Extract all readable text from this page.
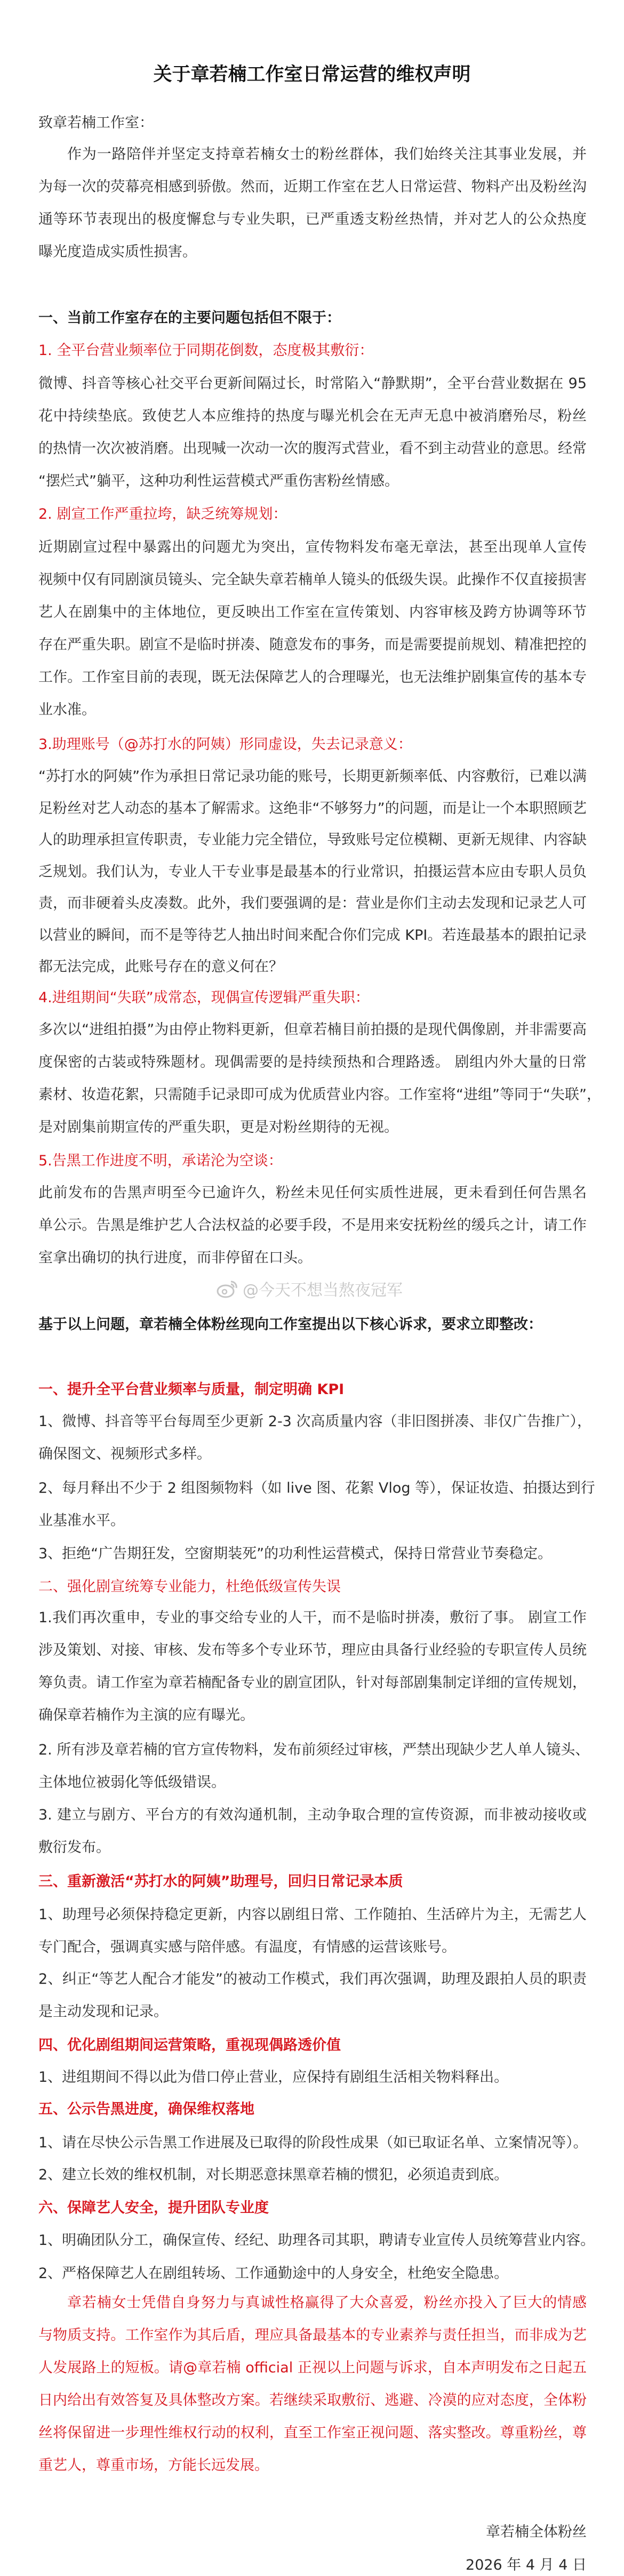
@今天不想当熬夜冠军
关于章若楠工作室日常运营的维权声明
致章若楠工作室：
作为一路陪伴并坚定支持章若楠女士的粉丝群体，我们始终关注其事业发展，并
为每一次的荧幕亮相感到骄傲。然而，近期工作室在艺人日常运营、物料产出及粉丝沟
通等环节表现出的极度懈怠与专业失职，已严重透支粉丝热情，并对艺人的公众热度
曝光度造成实质性损害。
一、当前工作室存在的主要问题包括但不限于：
1. 全平台营业频率位于同期花倒数，态度极其敷衍：
微博、抖音等核心社交平台更新间隔过长，时常陷入“静默期”，全平台营业数据在 95
花中持续垫底。致使艺人本应维持的热度与曝光机会在无声无息中被消磨殆尽，粉丝
的热情一次次被消磨。出现喊一次动一次的腹泻式营业，看不到主动营业的意思。经常
“摆烂式”躺平，这种功利性运营模式严重伤害粉丝情感。
2. 剧宣工作严重拉垮，缺乏统筹规划：
近期剧宣过程中暴露出的问题尤为突出，宣传物料发布毫无章法，甚至出现单人宣传
视频中仅有同剧演员镜头、完全缺失章若楠单人镜头的低级失误。此操作不仅直接损害
艺人在剧集中的主体地位，更反映出工作室在宣传策划、内容审核及跨方协调等环节
存在严重失职。剧宣不是临时拼凑、随意发布的事务，而是需要提前规划、精准把控的
工作。工作室目前的表现，既无法保障艺人的合理曝光，也无法维护剧集宣传的基本专
业水准。
3.助理账号（@苏打水的阿姨）形同虚设，失去记录意义：
“苏打水的阿姨”作为承担日常记录功能的账号，长期更新频率低、内容敷衍，已难以满
足粉丝对艺人动态的基本了解需求。这绝非“不够努力”的问题，而是让一个本职照顾艺
人的助理承担宣传职责，专业能力完全错位，导致账号定位模糊、更新无规律、内容缺
乏规划。我们认为，专业人干专业事是最基本的行业常识，拍摄运营本应由专职人员负
责，而非硬着头皮凑数。此外，我们要强调的是：营业是你们主动去发现和记录艺人可
以营业的瞬间，而不是等待艺人抽出时间来配合你们完成 KPI。若连最基本的跟拍记录
都无法完成，此账号存在的意义何在？
4.进组期间“失联”成常态，现偶宣传逻辑严重失职：
多次以“进组拍摄”为由停止物料更新，但章若楠目前拍摄的是现代偶像剧，并非需要高
度保密的古装或特殊题材。现偶需要的是持续预热和合理路透。 剧组内外大量的日常
素材、妆造花絮，只需随手记录即可成为优质营业内容。工作室将“进组”等同于“失联”，
是对剧集前期宣传的严重失职，更是对粉丝期待的无视。
5.告黑工作进度不明，承诺沦为空谈：
此前发布的告黑声明至今已逾许久，粉丝未见任何实质性进展，更未看到任何告黑名
单公示。告黑是维护艺人合法权益的必要手段，不是用来安抚粉丝的缓兵之计，请工作
室拿出确切的执行进度，而非停留在口头。
基于以上问题，章若楠全体粉丝现向工作室提出以下核心诉求，要求立即整改：
一、提升全平台营业频率与质量，制定明确 KPI
1、微博、抖音等平台每周至少更新 2-3 次高质量内容（非旧图拼凑、非仅广告推广），
确保图文、视频形式多样。
2、每月释出不少于 2 组图频物料（如 live 图、花絮 Vlog 等），保证妆造、拍摄达到行
业基准水平。
3、拒绝“广告期狂发，空窗期装死”的功利性运营模式，保持日常营业节奏稳定。
二、强化剧宣统筹专业能力，杜绝低级宣传失误
1.我们再次重申，专业的事交给专业的人干，而不是临时拼凑，敷衍了事。 剧宣工作
涉及策划、对接、审核、发布等多个专业环节，理应由具备行业经验的专职宣传人员统
筹负责。请工作室为章若楠配备专业的剧宣团队，针对每部剧集制定详细的宣传规划，
确保章若楠作为主演的应有曝光。
2. 所有涉及章若楠的官方宣传物料，发布前须经过审核，严禁出现缺少艺人单人镜头、
主体地位被弱化等低级错误。
3. 建立与剧方、平台方的有效沟通机制，主动争取合理的宣传资源，而非被动接收或
敷衍发布。
三、重新激活“苏打水的阿姨”助理号，回归日常记录本质
1、助理号必须保持稳定更新，内容以剧组日常、工作随拍、生活碎片为主，无需艺人
专门配合，强调真实感与陪伴感。有温度，有情感的运营该账号。
2、纠正“等艺人配合才能发”的被动工作模式，我们再次强调，助理及跟拍人员的职责
是主动发现和记录。
四、优化剧组期间运营策略，重视现偶路透价值
1、进组期间不得以此为借口停止营业，应保持有剧组生活相关物料释出。
五、公示告黑进度，确保维权落地
1、请在尽快公示告黑工作进展及已取得的阶段性成果（如已取证名单、立案情况等）。
2、建立长效的维权机制，对长期恶意抹黑章若楠的惯犯，必须追责到底。
六、保障艺人安全，提升团队专业度
1、明确团队分工，确保宣传、经纪、助理各司其职，聘请专业宣传人员统筹营业内容。
2、严格保障艺人在剧组转场、工作通勤途中的人身安全，杜绝安全隐患。
章若楠女士凭借自身努力与真诚性格赢得了大众喜爱，粉丝亦投入了巨大的情感
与物质支持。工作室作为其后盾，理应具备最基本的专业素养与责任担当，而非成为艺
人发展路上的短板。请@章若楠 official 正视以上问题与诉求，自本声明发布之日起五
日内给出有效答复及具体整改方案。若继续采取敷衍、逃避、冷漠的应对态度，全体粉
丝将保留进一步理性维权行动的权利，直至工作室正视问题、落实整改。尊重粉丝，尊
重艺人，尊重市场，方能长远发展。
章若楠全体粉丝
2026 年 4 月 4 日
